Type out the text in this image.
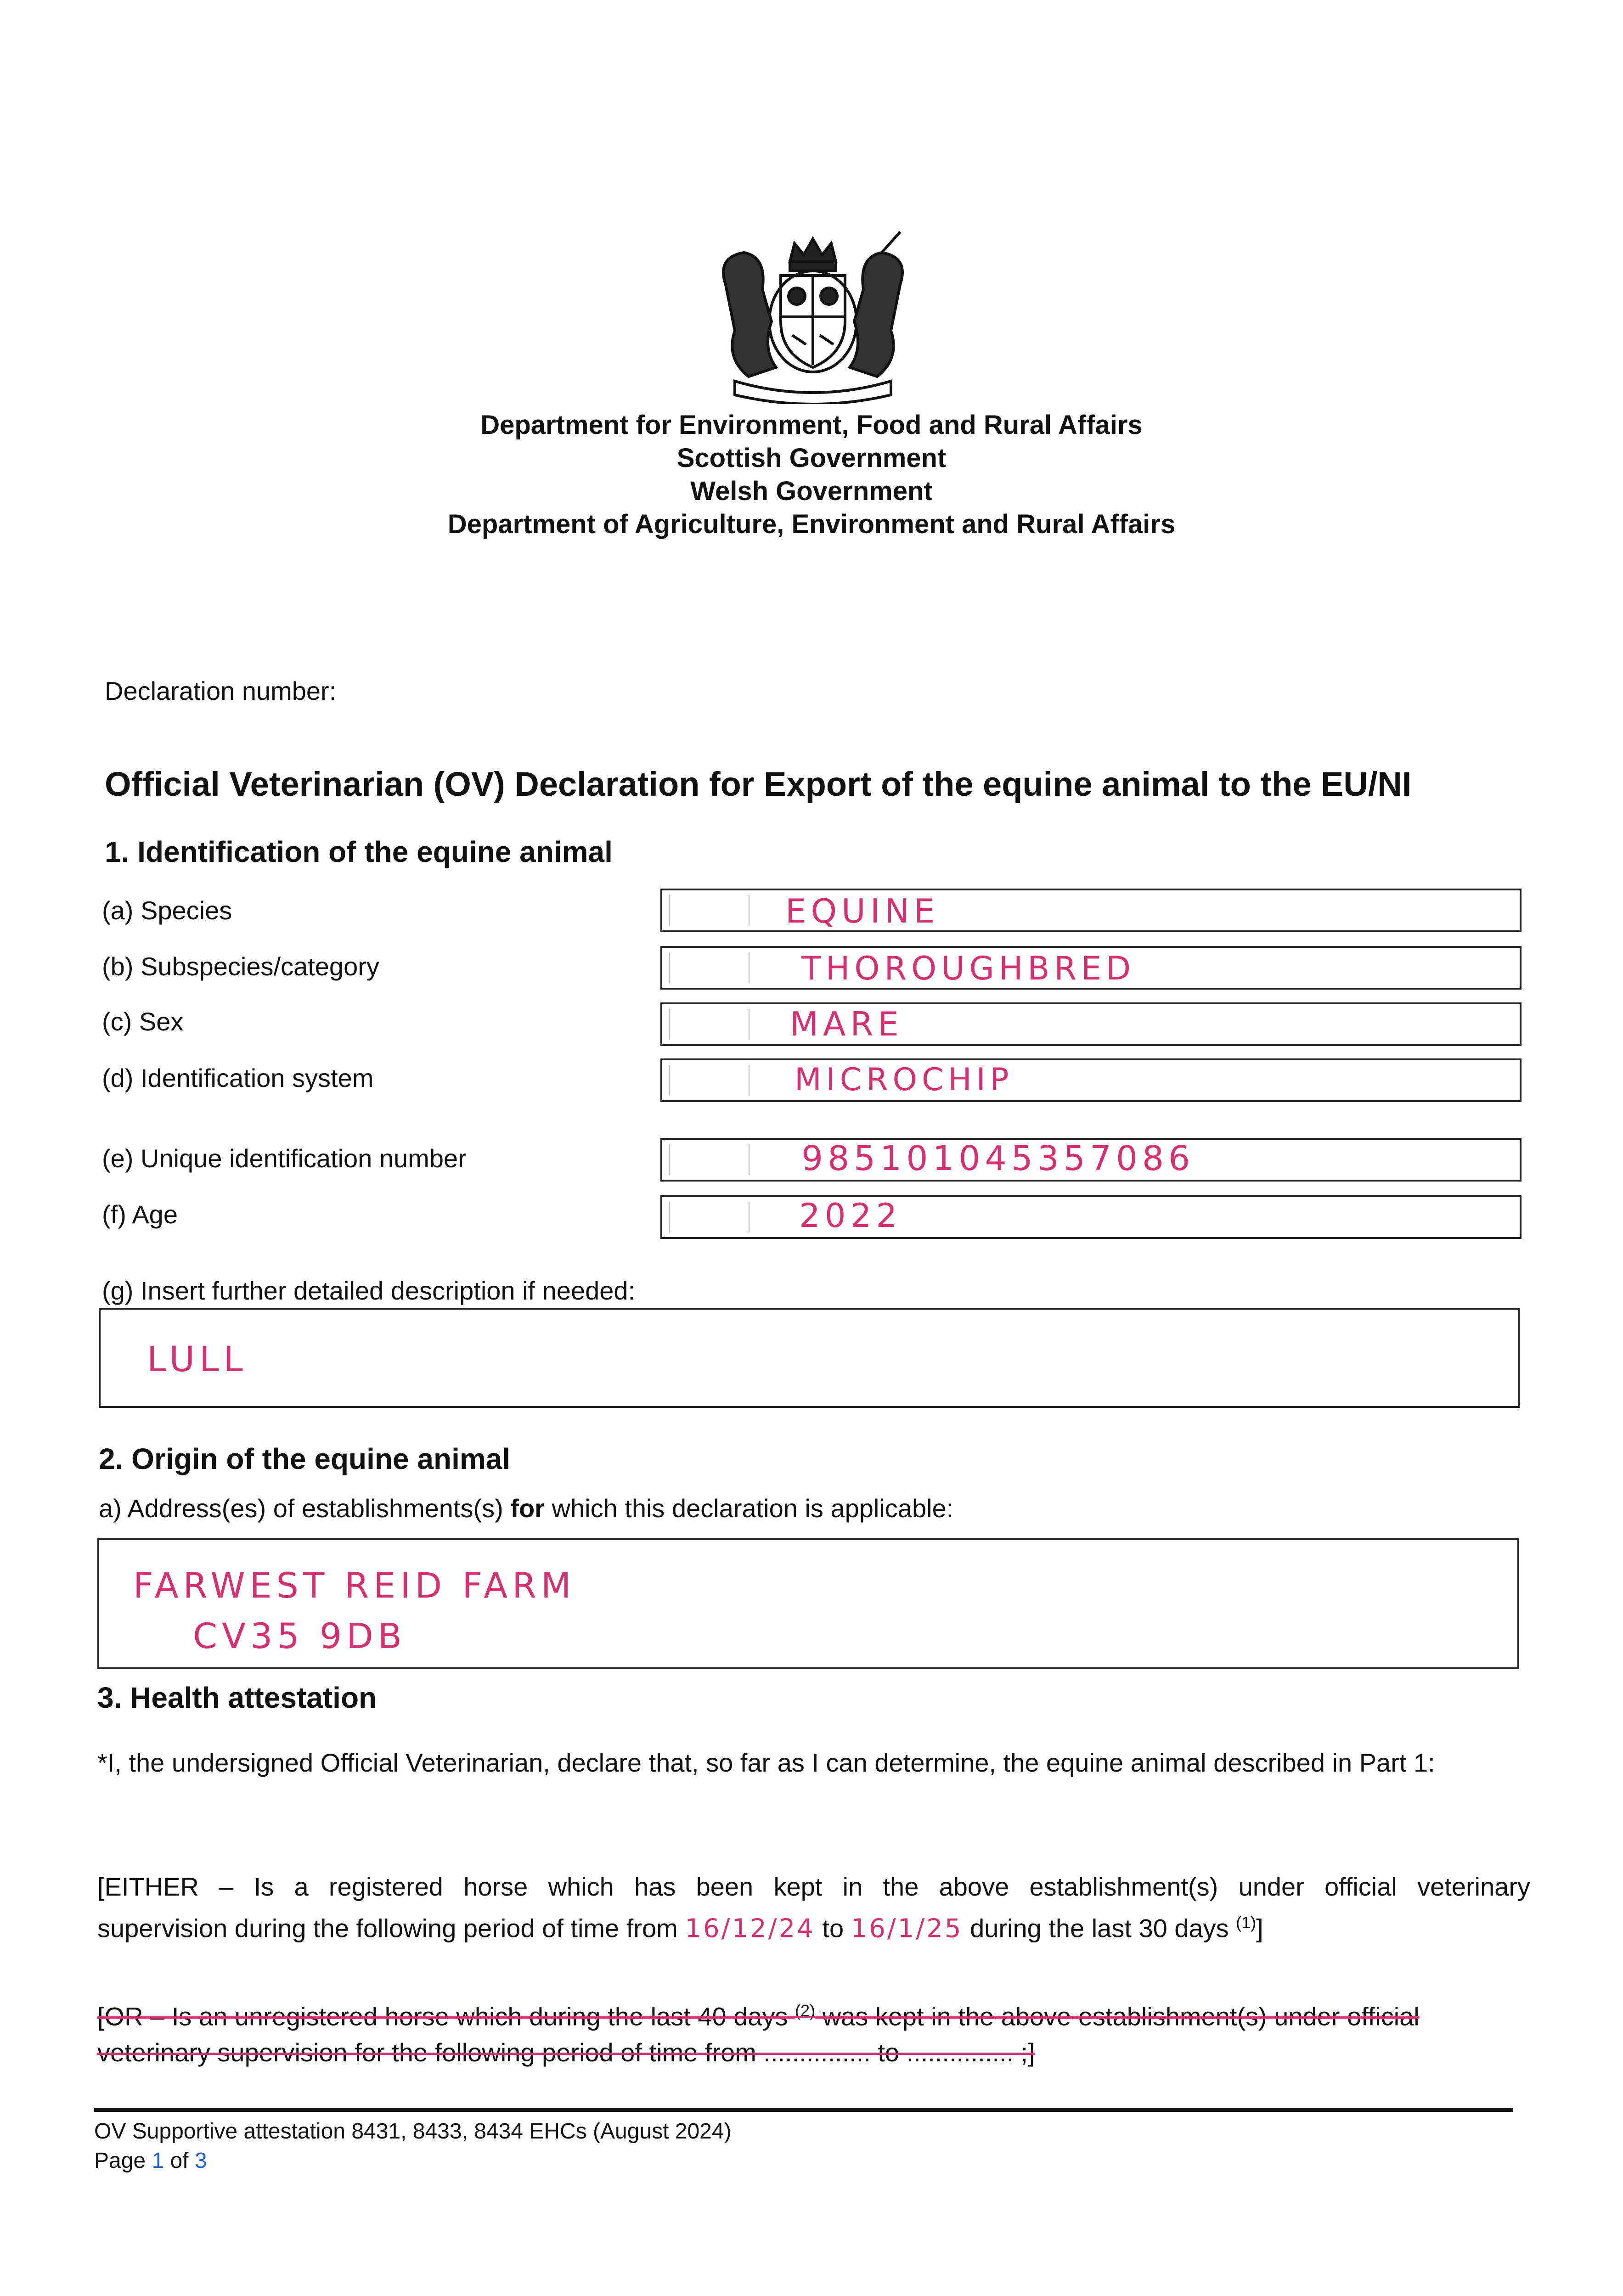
Department for Environment, Food and Rural Affairs
Scottish Government
Welsh Government
Department of Agriculture, Environment and Rural Affairs
Declaration number:
Official Veterinarian (OV) Declaration for Export of the equine animal to the EU/NI
1. Identification of the equine animal
(a) Species	EQUINE
(b) Subspecies/category	THOROUGHBRED
(c) Sex	MARE
(d) Identification system	MICROCHIP
(e) Unique identification number	985101045357086
(f) Age	2022
(g) Insert further detailed description if needed:
LULL
2. Origin of the equine animal
a) Address(es) of establishments(s) for which this declaration is applicable:
FARWEST REID FARM
CV35 9DB
3. Health attestation
*I, the undersigned Official Veterinarian, declare that, so far as I can determine, the equine animal described in Part 1:
[EITHER – Is a registered horse which has been kept in the above establishment(s) under official veterinary
supervision during the following period of time from 16/12/24 to 16/1/25 during the last 30 days $^{(1)}$]
[OR – Is an unregistered horse which during the last 40 days $^{(2)}$ was kept in the above establishment(s) under official
veterinary supervision for the following period of time from ............... to ............... ;]
OV Supportive attestation 8431, 8433, 8434 EHCs (August 2024)
Page 1 of 3
